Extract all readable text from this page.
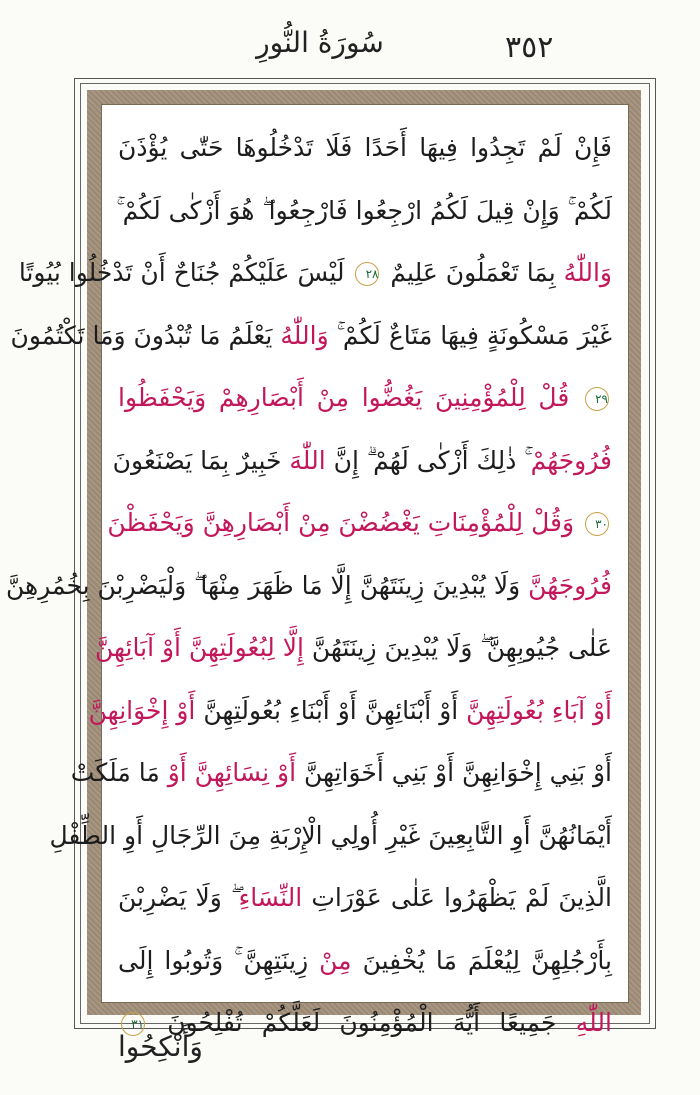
٣٥٢
سُورَةُ النُّورِ
فَإِنْ لَمْ تَجِدُوا فِيهَا أَحَدًا فَلَا تَدْخُلُوهَا حَتّٰى يُؤْذَنَ
لَكُمْ ۚ وَإِنْ قِيلَ لَكُمُ ارْجِعُوا فَارْجِعُوا ۖ هُوَ أَزْكٰى لَكُمْ ۚ
وَاللّٰهُ بِمَا تَعْمَلُونَ عَلِيمٌ ٢٨ لَيْسَ عَلَيْكُمْ جُنَاحٌ أَنْ تَدْخُلُوا بُيُوتًا
غَيْرَ مَسْكُونَةٍ فِيهَا مَتَاعٌ لَكُمْ ۚ وَاللّٰهُ يَعْلَمُ مَا تُبْدُونَ وَمَا تَكْتُمُونَ
٢٩ قُلْ لِلْمُؤْمِنِينَ يَغُضُّوا مِنْ أَبْصَارِهِمْ وَيَحْفَظُوا
فُرُوجَهُمْ ۚ ذٰلِكَ أَزْكٰى لَهُمْ ۗ إِنَّ اللّٰهَ خَبِيرٌ بِمَا يَصْنَعُونَ
٣٠ وَقُلْ لِلْمُؤْمِنَاتِ يَغْضُضْنَ مِنْ أَبْصَارِهِنَّ وَيَحْفَظْنَ
فُرُوجَهُنَّ وَلَا يُبْدِينَ زِينَتَهُنَّ إِلَّا مَا ظَهَرَ مِنْهَا ۖ وَلْيَضْرِبْنَ بِخُمُرِهِنَّ
عَلٰى جُيُوبِهِنَّ ۖ وَلَا يُبْدِينَ زِينَتَهُنَّ إِلَّا لِبُعُولَتِهِنَّ أَوْ آبَائِهِنَّ
أَوْ آبَاءِ بُعُولَتِهِنَّ أَوْ أَبْنَائِهِنَّ أَوْ أَبْنَاءِ بُعُولَتِهِنَّ أَوْ إِخْوَانِهِنَّ
أَوْ بَنِي إِخْوَانِهِنَّ أَوْ بَنِي أَخَوَاتِهِنَّ أَوْ نِسَائِهِنَّ أَوْ مَا مَلَكَتْ
أَيْمَانُهُنَّ أَوِ التَّابِعِينَ غَيْرِ أُولِي الْإِرْبَةِ مِنَ الرِّجَالِ أَوِ الطِّفْلِ
الَّذِينَ لَمْ يَظْهَرُوا عَلٰى عَوْرَاتِ النِّسَاءِ ۖ وَلَا يَضْرِبْنَ
بِأَرْجُلِهِنَّ لِيُعْلَمَ مَا يُخْفِينَ مِنْ زِينَتِهِنَّ ۚ وَتُوبُوا إِلَى
اللّٰهِ جَمِيعًا أَيُّهَ الْمُؤْمِنُونَ لَعَلَّكُمْ تُفْلِحُونَ ٣١
وَأَنْكِحُوا
